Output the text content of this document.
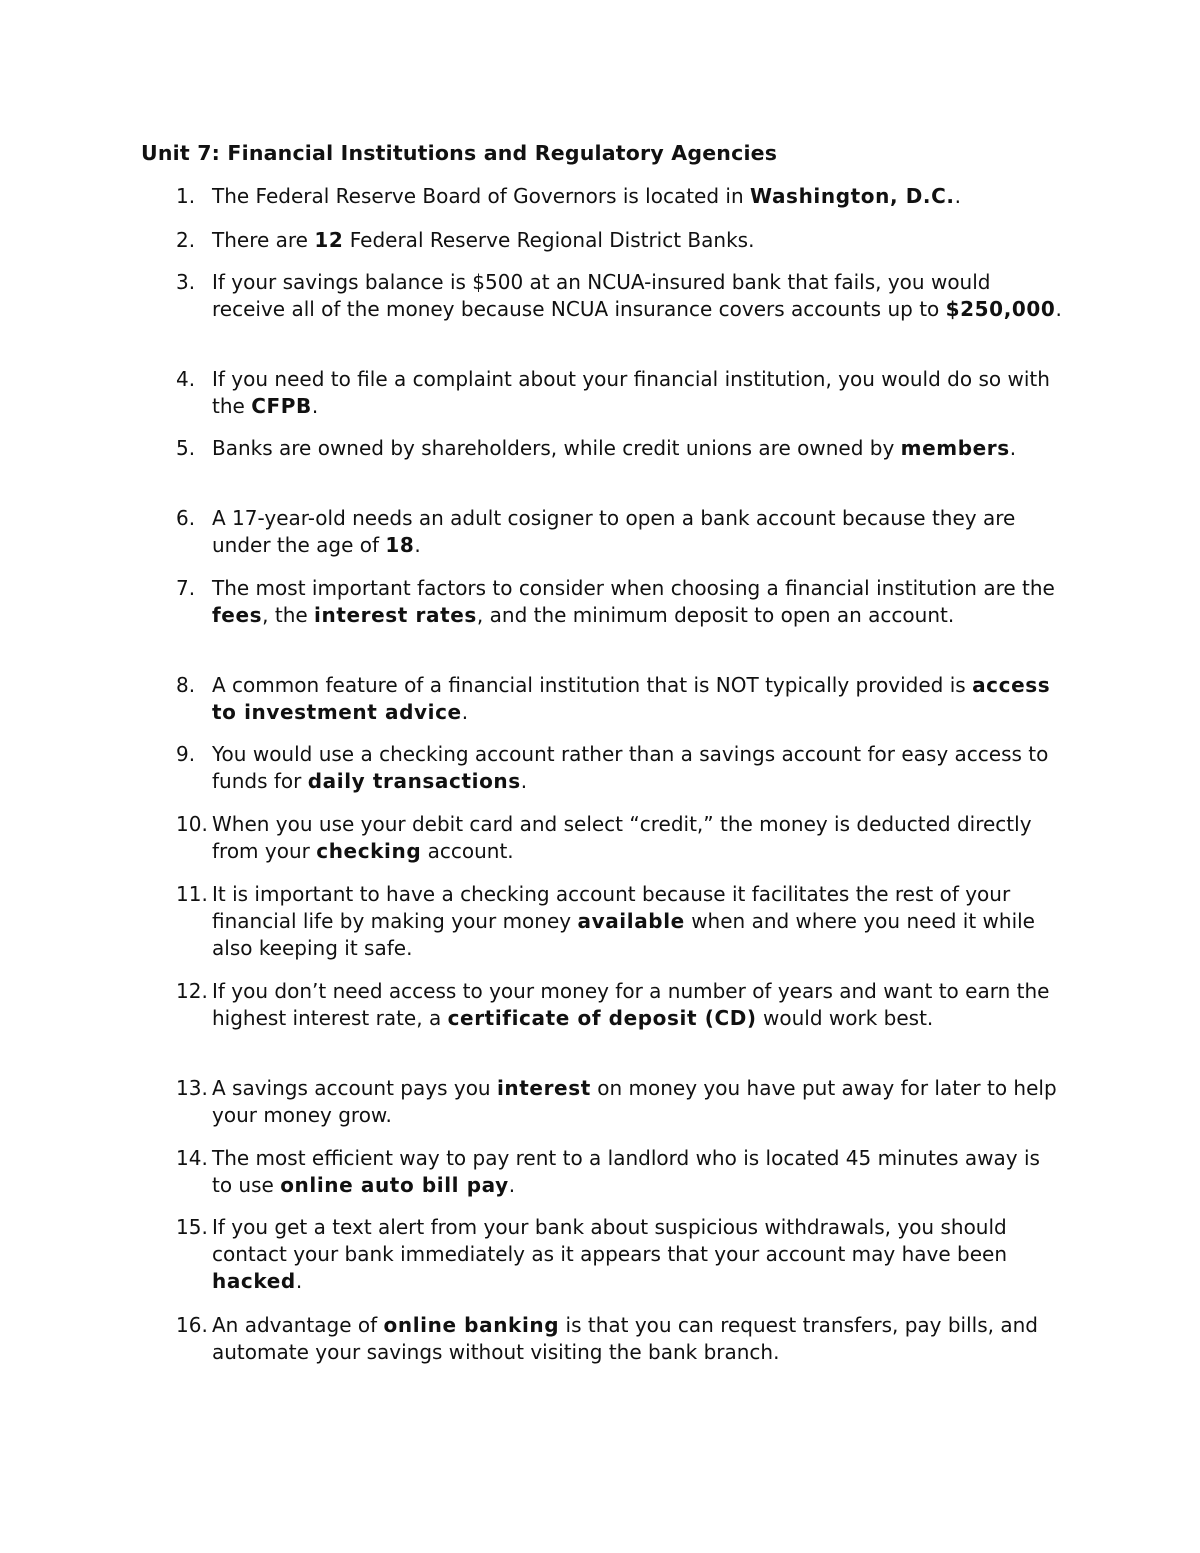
Unit 7: Financial Institutions and Regulatory Agencies
1. The Federal Reserve Board of Governors is located in Washington, D.C..
2. There are 12 Federal Reserve Regional District Banks.
3. If your savings balance is $500 at an NCUA-insured bank that fails, you would receive all of the money because NCUA insurance covers accounts up to $250,000.
4. If you need to file a complaint about your financial institution, you would do so with the CFPB.
5. Banks are owned by shareholders, while credit unions are owned by members.
6. A 17-year-old needs an adult cosigner to open a bank account because they are under the age of 18.
7. The most important factors to consider when choosing a financial institution are the fees, the interest rates, and the minimum deposit to open an account.
8. A common feature of a financial institution that is NOT typically provided is access to investment advice.
9. You would use a checking account rather than a savings account for easy access to funds for daily transactions.
10. When you use your debit card and select “credit,” the money is deducted directly from your checking account.
11. It is important to have a checking account because it facilitates the rest of your financial life by making your money available when and where you need it while also keeping it safe.
12. If you don’t need access to your money for a number of years and want to earn the highest interest rate, a certificate of deposit (CD) would work best.
13. A savings account pays you interest on money you have put away for later to help your money grow.
14. The most efficient way to pay rent to a landlord who is located 45 minutes away is to use online auto bill pay.
15. If you get a text alert from your bank about suspicious withdrawals, you should contact your bank immediately as it appears that your account may have been hacked.
16. An advantage of online banking is that you can request transfers, pay bills, and automate your savings without visiting the bank branch.
